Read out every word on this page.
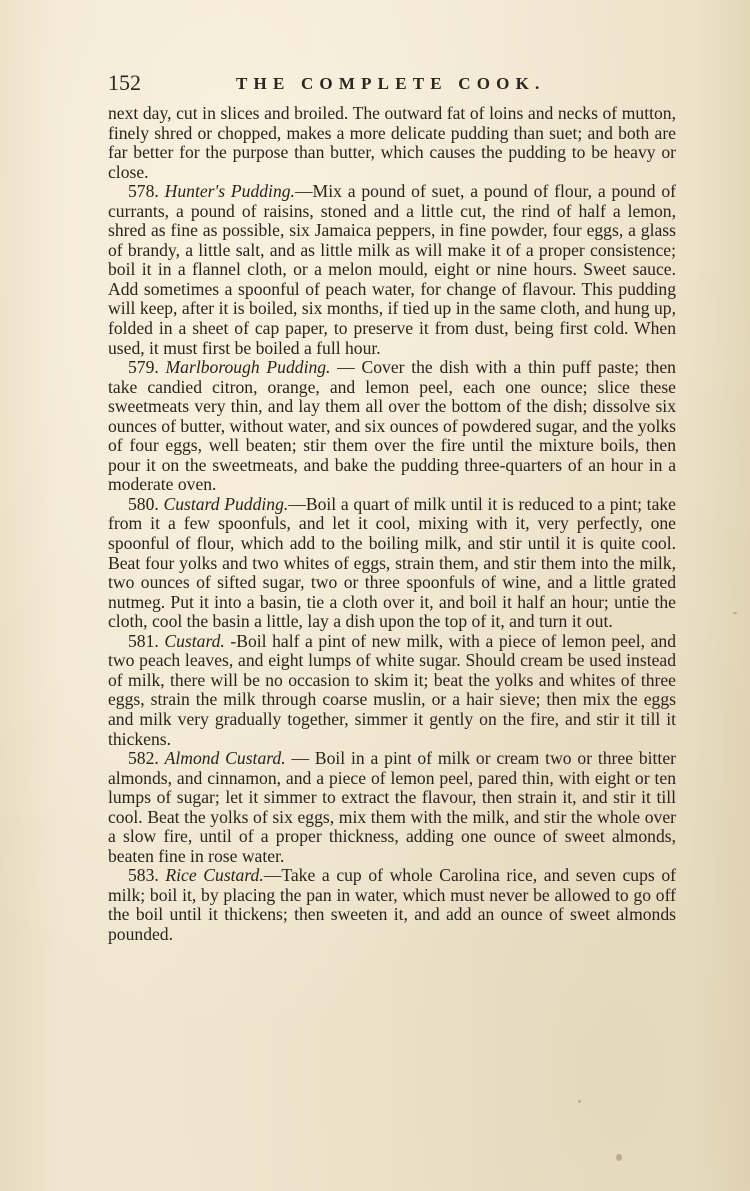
152	THE COMPLETE COOK.

next day, cut in slices and broiled. The outward fat of loins and necks of mutton, finely shred or chopped, makes a more delicate pudding than suet; and both are far better for the purpose than butter, which causes the pudding to be heavy or close.

578. Hunter's Pudding.—Mix a pound of suet, a pound of flour, a pound of currants, a pound of raisins, stoned and a little cut, the rind of half a lemon, shred as fine as possible, six Jamaica peppers, in fine powder, four eggs, a glass of brandy, a little salt, and as little milk as will make it of a proper consistence; boil it in a flannel cloth, or a melon mould, eight or nine hours. Sweet sauce. Add sometimes a spoonful of peach water, for change of flavour. This pudding will keep, after it is boiled, six months, if tied up in the same cloth, and hung up, folded in a sheet of cap paper, to preserve it from dust, being first cold. When used, it must first be boiled a full hour.

579. Marlborough Pudding. — Cover the dish with a thin puff paste; then take candied citron, orange, and lemon peel, each one ounce; slice these sweetmeats very thin, and lay them all over the bottom of the dish; dissolve six ounces of butter, without water, and six ounces of powdered sugar, and the yolks of four eggs, well beaten; stir them over the fire until the mixture boils, then pour it on the sweetmeats, and bake the pudding three-quarters of an hour in a moderate oven.

580. Custard Pudding.—Boil a quart of milk until it is reduced to a pint; take from it a few spoonfuls, and let it cool, mixing with it, very perfectly, one spoonful of flour, which add to the boiling milk, and stir until it is quite cool. Beat four yolks and two whites of eggs, strain them, and stir them into the milk, two ounces of sifted sugar, two or three spoonfuls of wine, and a little grated nutmeg. Put it into a basin, tie a cloth over it, and boil it half an hour; untie the cloth, cool the basin a little, lay a dish upon the top of it, and turn it out.

581. Custard. -Boil half a pint of new milk, with a piece of lemon peel, and two peach leaves, and eight lumps of white sugar. Should cream be used instead of milk, there will be no occasion to skim it; beat the yolks and whites of three eggs, strain the milk through coarse muslin, or a hair sieve; then mix the eggs and milk very gradually together, simmer it gently on the fire, and stir it till it thickens.

582. Almond Custard. — Boil in a pint of milk or cream two or three bitter almonds, and cinnamon, and a piece of lemon peel, pared thin, with eight or ten lumps of sugar; let it simmer to extract the flavour, then strain it, and stir it till cool. Beat the yolks of six eggs, mix them with the milk, and stir the whole over a slow fire, until of a proper thickness, adding one ounce of sweet almonds, beaten fine in rose water.

583. Rice Custard.—Take a cup of whole Carolina rice, and seven cups of milk; boil it, by placing the pan in water, which must never be allowed to go off the boil until it thickens; then sweeten it, and add an ounce of sweet almonds pounded.
